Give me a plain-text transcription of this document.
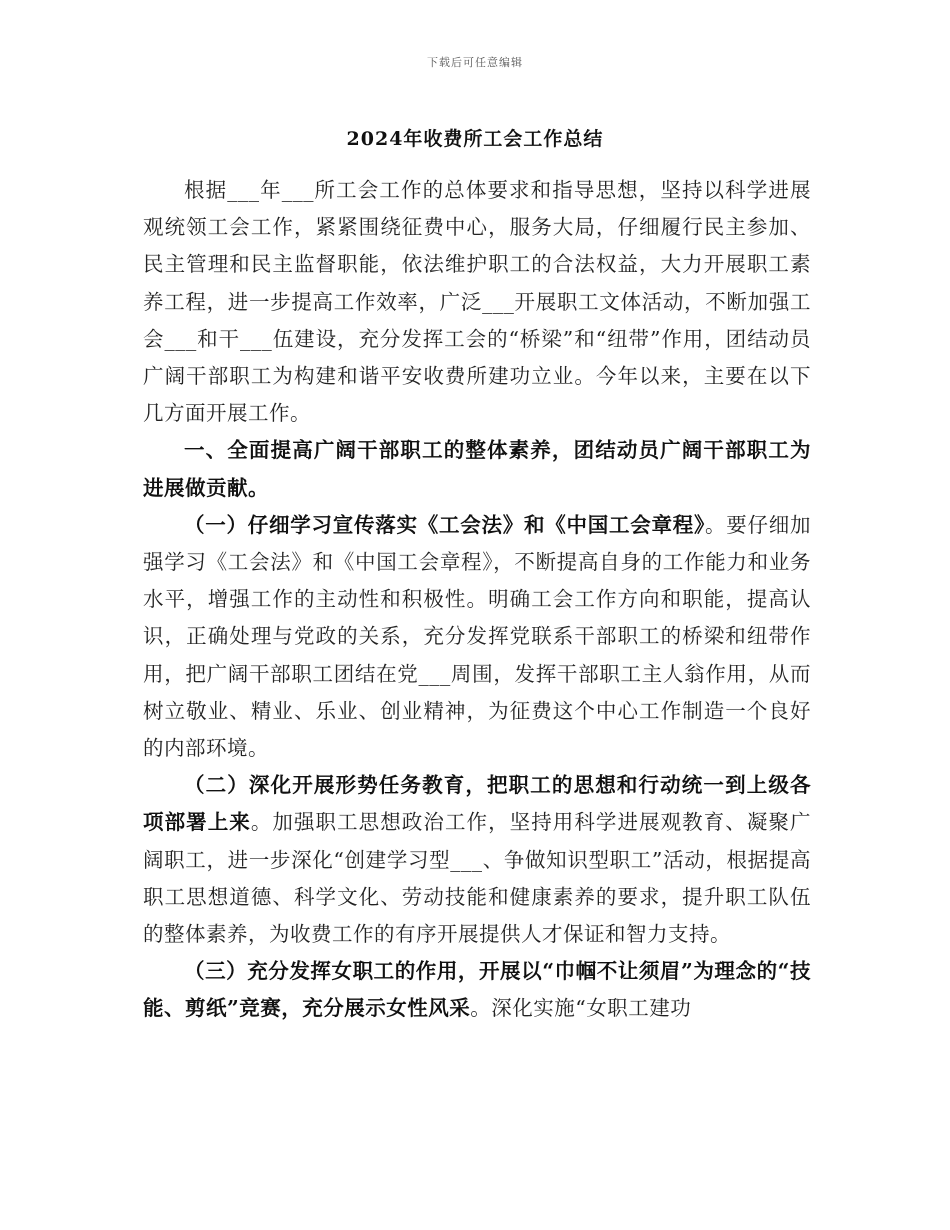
下载后可任意编辑
2024年收费所工会工作总结

根据___年___所工会工作的总体要求和指导思想，坚持以科学进展观统领工会工作，紧紧围绕征费中心，服务大局，仔细履行民主参加、民主管理和民主监督职能，依法维护职工的合法权益，大力开展职工素养工程，进一步提高工作效率，广泛___开展职工文体活动，不断加强工会___和干___伍建设，充分发挥工会的“桥梁”和“纽带”作用，团结动员广阔干部职工为构建和谐平安收费所建功立业。今年以来，主要在以下几方面开展工作。

一、全面提高广阔干部职工的整体素养，团结动员广阔干部职工为进展做贡献。

（一）仔细学习宣传落实《工会法》和《中国工会章程》。要仔细加强学习《工会法》和《中国工会章程》，不断提高自身的工作能力和业务水平，增强工作的主动性和积极性。明确工会工作方向和职能，提高认识，正确处理与党政的关系，充分发挥党联系干部职工的桥梁和纽带作用，把广阔干部职工团结在党___周围，发挥干部职工主人翁作用，从而树立敬业、精业、乐业、创业精神，为征费这个中心工作制造一个良好的内部环境。

（二）深化开展形势任务教育，把职工的思想和行动统一到上级各项部署上来。加强职工思想政治工作，坚持用科学进展观教育、凝聚广阔职工，进一步深化“创建学习型___、争做知识型职工”活动，根据提高职工思想道德、科学文化、劳动技能和健康素养的要求，提升职工队伍的整体素养，为收费工作的有序开展提供人才保证和智力支持。

（三）充分发挥女职工的作用，开展以“巾帼不让须眉”为理念的“技能、剪纸”竞赛，充分展示女性风采。深化实施“女职工建功
